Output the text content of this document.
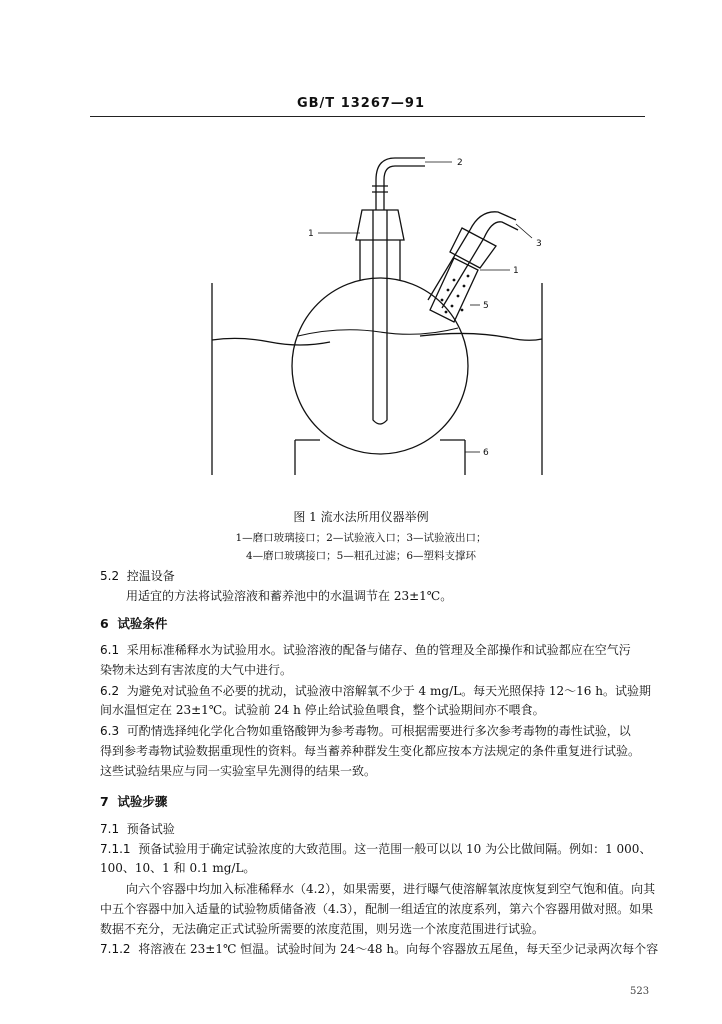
GB/T 13267—91
2
1
3
1
5
6
图 1 流水法所用仪器举例
1—磨口玻璃接口；2—试验液入口；3—试验液出口；
4—磨口玻璃接口；5—粗孔过滤；6—塑料支撑环
5.2 控温设备
用适宜的方法将试验溶液和蓄养池中的水温调节在 23±1℃。
6 试验条件
6.1 采用标准稀释水为试验用水。试验溶液的配备与储存、鱼的管理及全部操作和试验都应在空气污
染物未达到有害浓度的大气中进行。
6.2 为避免对试验鱼不必要的扰动，试验液中溶解氧不少于 4 mg/L。每天光照保持 12～16 h。试验期
间水温恒定在 23±1℃。试验前 24 h 停止给试验鱼喂食，整个试验期间亦不喂食。
6.3 可酌情选择纯化学化合物如重铬酸钾为参考毒物。可根据需要进行多次参考毒物的毒性试验，以
得到参考毒物试验数据重现性的资料。每当蓄养种群发生变化都应按本方法规定的条件重复进行试验。
这些试验结果应与同一实验室早先测得的结果一致。
7 试验步骤
7.1 预备试验
7.1.1 预备试验用于确定试验浓度的大致范围。这一范围一般可以以 10 为公比做间隔。例如：1 000、
100、10、1 和 0.1 mg/L。
向六个容器中均加入标准稀释水（4.2），如果需要，进行曝气使溶解氧浓度恢复到空气饱和值。向其
中五个容器中加入适量的试验物质储备液（4.3），配制一组适宜的浓度系列，第六个容器用做对照。如果
数据不充分，无法确定正式试验所需要的浓度范围，则另选一个浓度范围进行试验。
7.1.2 将溶液在 23±1℃ 恒温。试验时间为 24～48 h。向每个容器放五尾鱼，每天至少记录两次每个容
523
